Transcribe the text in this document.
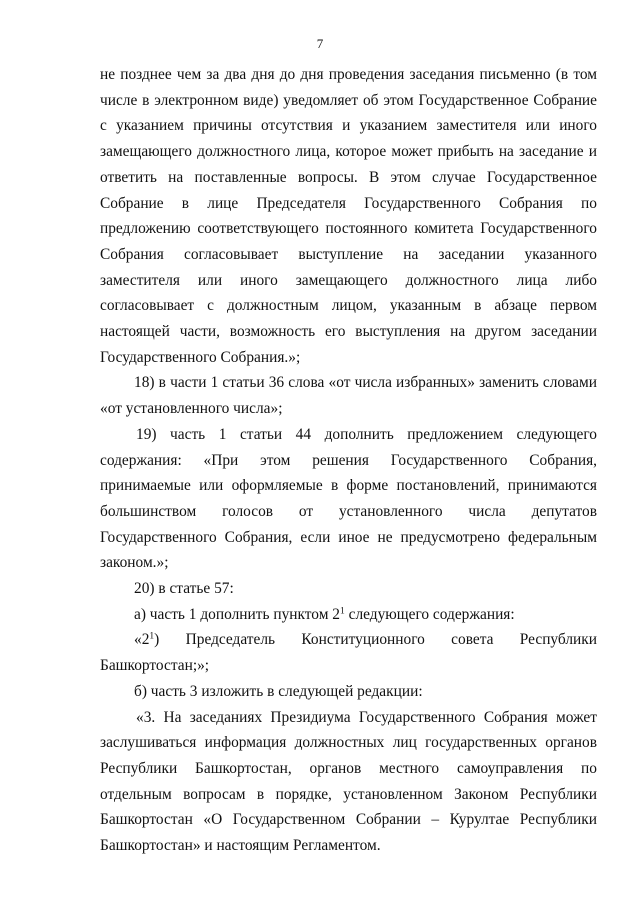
7

не позднее чем за два дня до дня проведения заседания письменно (в том числе в электронном виде) уведомляет об этом Государственное Собрание с указанием причины отсутствия и указанием заместителя или иного замещающего должностного лица, которое может прибыть на заседание и ответить на поставленные вопросы. В этом случае Государственное Собрание в лице Председателя Государственного Собрания по предложению соответствующего постоянного комитета Государственного Собрания согласовывает выступление на заседании указанного заместителя или иного замещающего должностного лица либо согласовывает с должностным лицом, указанным в абзаце первом настоящей части, возможность его выступления на другом заседании Государственного Собрания.»;

18) в части 1 статьи 36 слова «от числа избранных» заменить словами «от установленного числа»;

19) часть 1 статьи 44 дополнить предложением следующего содержания: «При этом решения Государственного Собрания, принимаемые или оформляемые в форме постановлений, принимаются большинством голосов от установленного числа депутатов Государственного Собрания, если иное не предусмотрено федеральным законом.»;

20) в статье 57:

а) часть 1 дополнить пунктом $2^1$ следующего содержания:

«$2^1$) Председатель Конституционного совета Республики

Башкортостан;»;

б) часть 3 изложить в следующей редакции:

«3. На заседаниях Президиума Государственного Собрания может заслушиваться информация должностных лиц государственных органов Республики Башкортостан, органов местного самоуправления по отдельным вопросам в порядке, установленном Законом Республики Башкортостан «О Государственном Собрании – Курултае Республики Башкортостан» и настоящим Регламентом.
